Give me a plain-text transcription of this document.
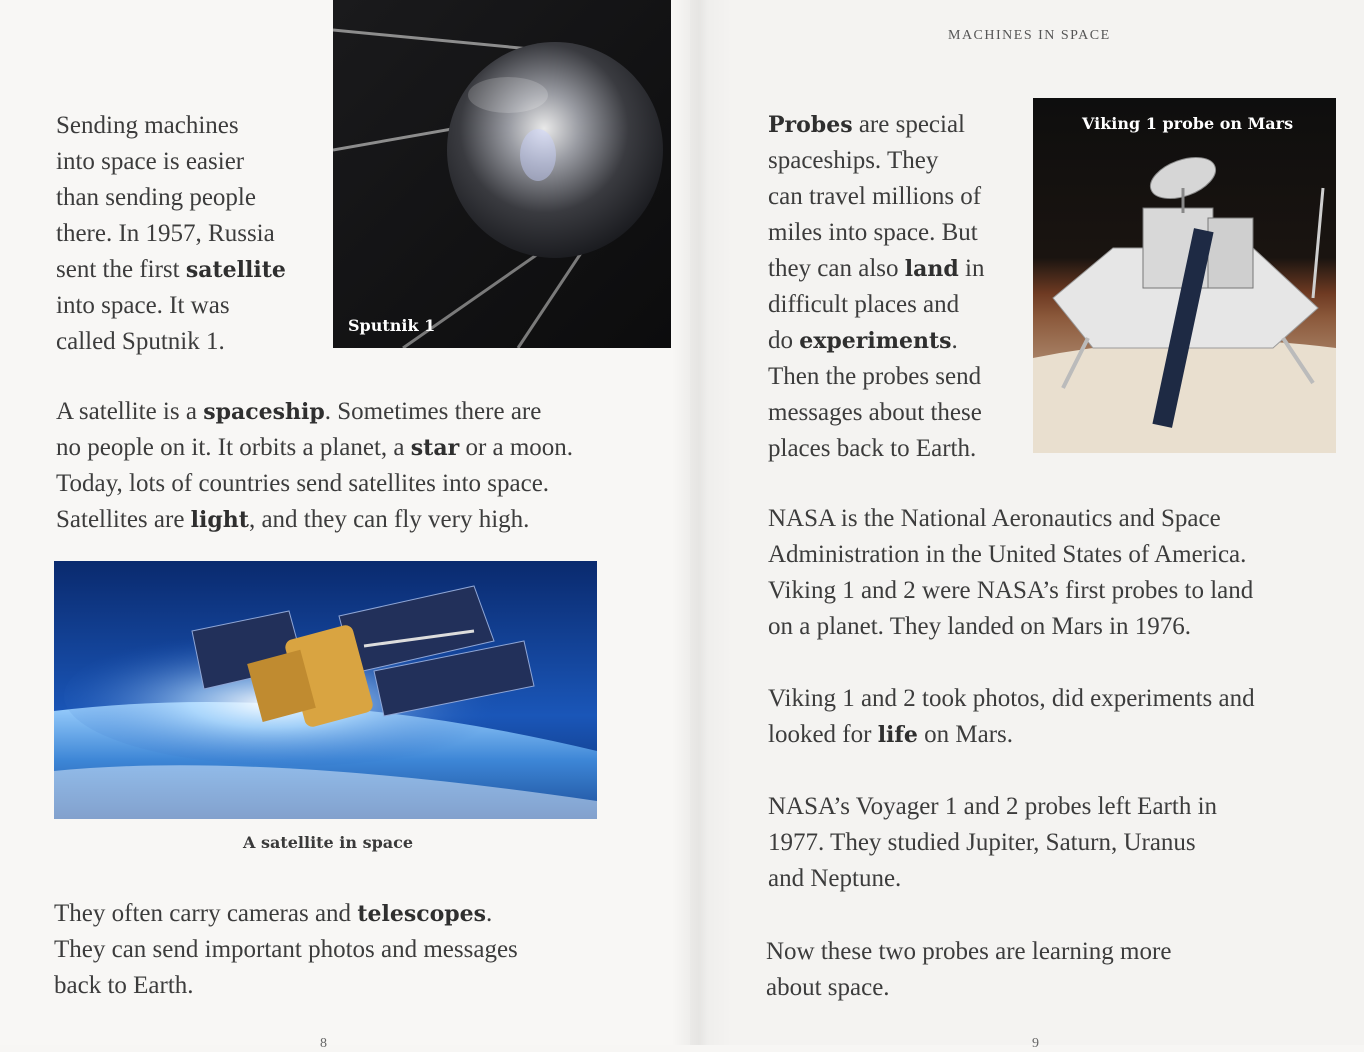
Sputnik 1

Sending machines
into space is easier
than sending people
there. In 1957, Russia
sent the first satellite
into space. It was
called Sputnik 1.

A satellite is a spaceship. Sometimes there are
no people on it. It orbits a planet, a star or a moon.
Today, lots of countries send satellites into space.
Satellites are light, and they can fly very high.

A satellite in space

They often carry cameras and telescopes.
They can send important photos and messages
back to Earth.

8
MACHINES IN SPACE

Probes are special
spaceships. They
can travel millions of
miles into space. But
they can also land in
difficult places and
do experiments.
Then the probes send
messages about these
places back to Earth.

Viking 1 probe on Mars

NASA is the National Aeronautics and Space
Administration in the United States of America.
Viking 1 and 2 were NASA’s first probes to land
on a planet. They landed on Mars in 1976.

Viking 1 and 2 took photos, did experiments and
looked for life on Mars.

NASA’s Voyager 1 and 2 probes left Earth in
1977. They studied Jupiter, Saturn, Uranus
and Neptune.

Now these two probes are learning more
about space.

9
